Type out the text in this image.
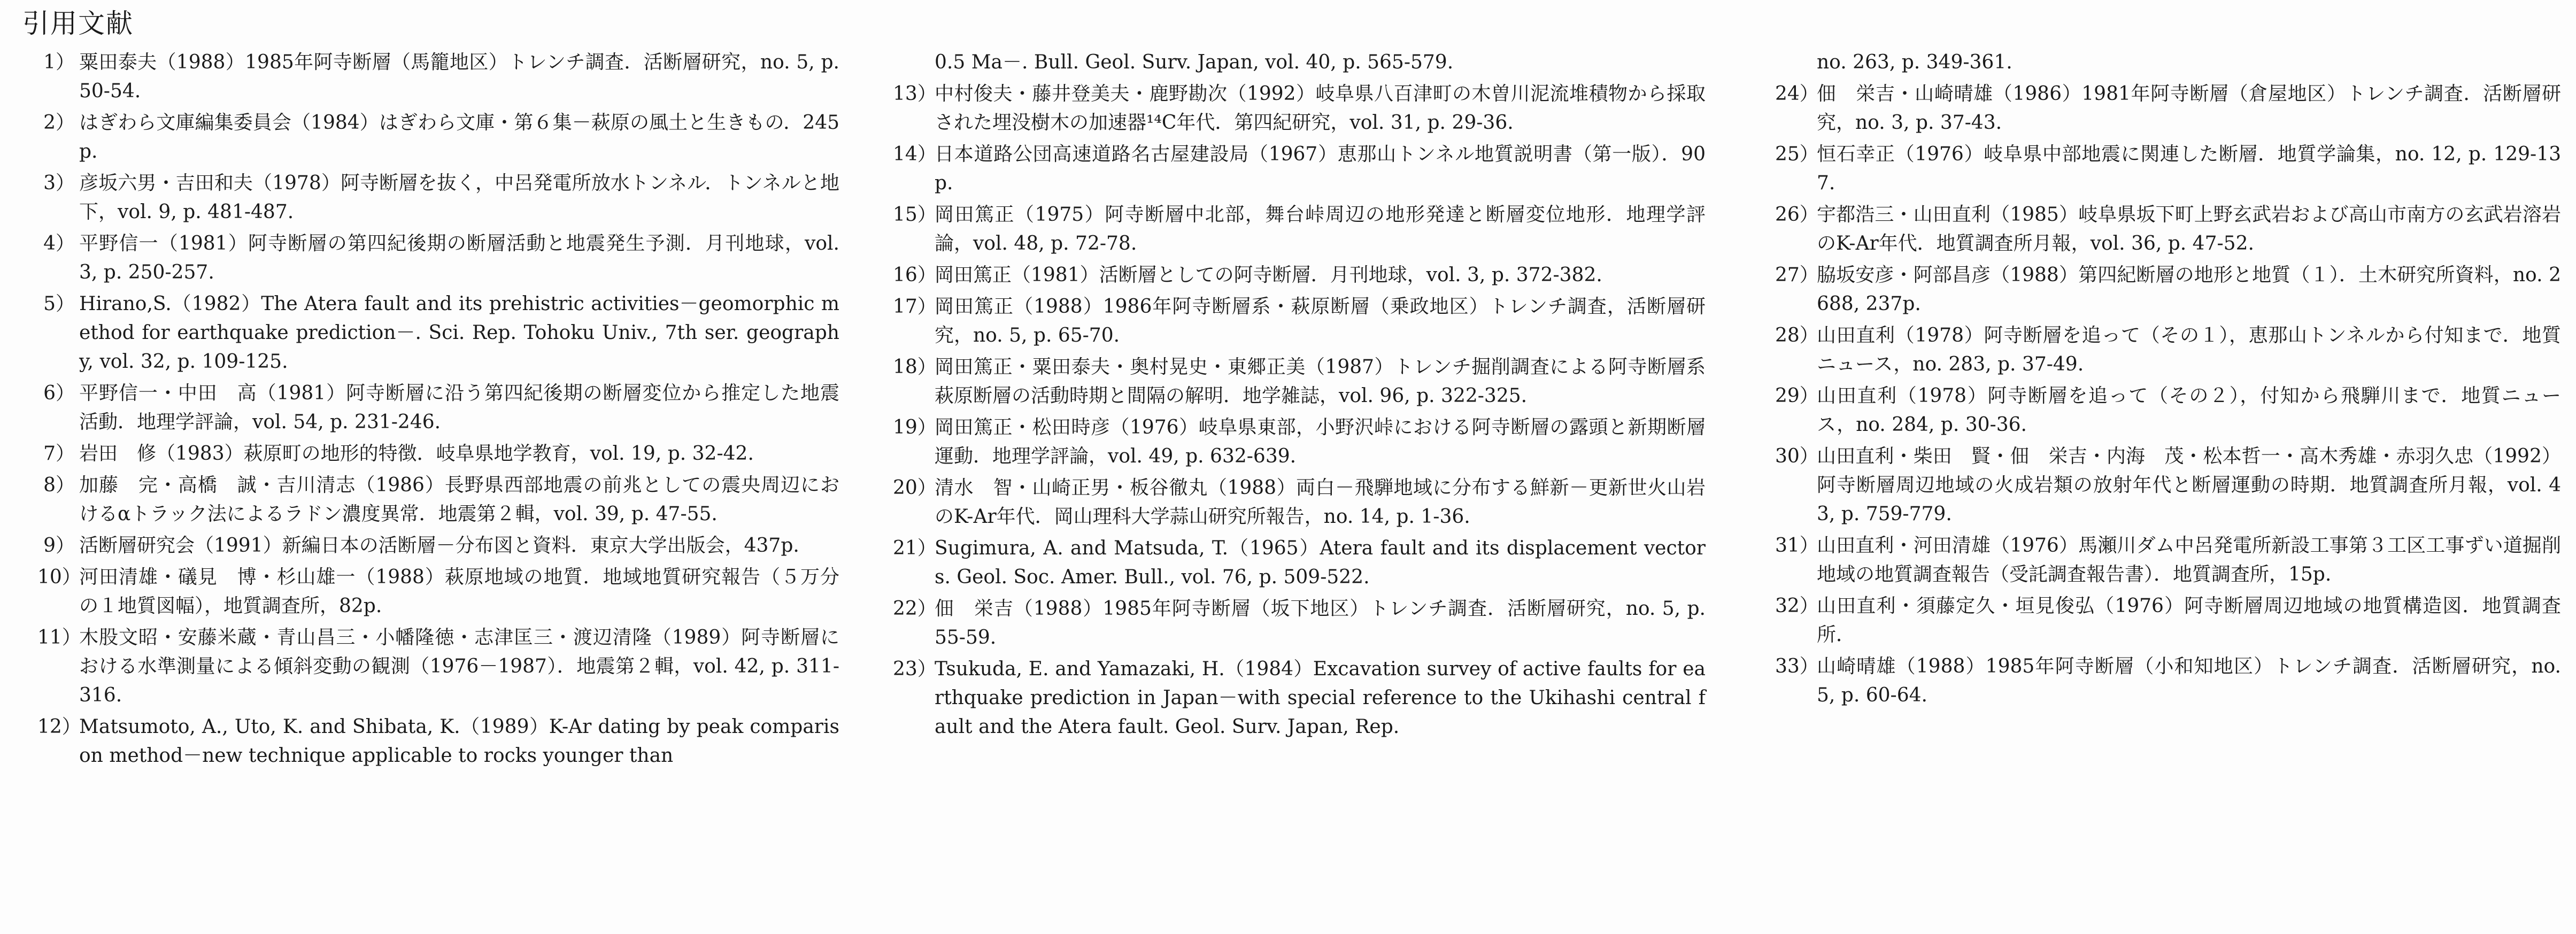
引用文献
1） 粟田泰夫（1988）1985年阿寺断層（馬籠地区）トレンチ調査．活断層研究，no. 5, p. 50-54.
2） はぎわら文庫編集委員会（1984）はぎわら文庫・第６集－萩原の風土と生きもの．245p.
3） 彦坂六男・吉田和夫（1978）阿寺断層を抜く，中呂発電所放水トンネル．トンネルと地下，vol. 9, p. 481-487.
4） 平野信一（1981）阿寺断層の第四紀後期の断層活動と地震発生予測．月刊地球，vol. 3, p. 250-257.
5） Hirano,S.（1982）The Atera fault and its prehistric activities－geomorphic method for earthquake prediction－. Sci. Rep. Tohoku Univ., 7th ser. geography, vol. 32, p. 109-125.
6） 平野信一・中田　高（1981）阿寺断層に沿う第四紀後期の断層変位から推定した地震活動．地理学評論，vol. 54, p. 231-246.
7） 岩田　修（1983）萩原町の地形的特徴．岐阜県地学教育，vol. 19, p. 32-42.
8） 加藤　完・高橋　誠・吉川清志（1986）長野県西部地震の前兆としての震央周辺におけるαトラック法によるラドン濃度異常．地震第２輯，vol. 39, p. 47-55.
9） 活断層研究会（1991）新編日本の活断層－分布図と資料．東京大学出版会，437p.
10）
河田清雄・礒見　博・杉山雄一（1988）萩原地域の地質．地域地質研究報告（５万分の１地質図幅），地質調査所，82p.
11）
木股文昭・安藤米蔵・青山昌三・小幡隆徳・志津匡三・渡辺清隆（1989）阿寺断層における水準測量による傾斜変動の観測（1976－1987）．地震第２輯，vol. 42, p. 311-316.
12）
Matsumoto, A., Uto, K. and Shibata, K.（1989）K-Ar dating by peak comparison method－new technique applicable to rocks younger than
0.5 Ma－. Bull. Geol. Surv. Japan, vol. 40, p. 565-579.
13）
中村俊夫・藤井登美夫・鹿野勘次（1992）岐阜県八百津町の木曽川泥流堆積物から採取された埋没樹木の加速器¹⁴C年代．第四紀研究，vol. 31, p. 29-36.
14）
日本道路公団高速道路名古屋建設局（1967）恵那山トンネル地質説明書（第一版）．90p.
15）
岡田篤正（1975）阿寺断層中北部，舞台峠周辺の地形発達と断層変位地形．地理学評論，vol. 48, p. 72-78.
16）
岡田篤正（1981）活断層としての阿寺断層．月刊地球，vol. 3, p. 372-382.
17）
岡田篤正（1988）1986年阿寺断層系・萩原断層（乗政地区）トレンチ調査，活断層研究，no. 5, p. 65-70.
18）
岡田篤正・粟田泰夫・奥村晃史・東郷正美（1987）トレンチ掘削調査による阿寺断層系萩原断層の活動時期と間隔の解明．地学雑誌，vol. 96, p. 322-325.
19）
岡田篤正・松田時彦（1976）岐阜県東部，小野沢峠における阿寺断層の露頭と新期断層運動．地理学評論，vol. 49, p. 632-639.
20）
清水　智・山崎正男・板谷徹丸（1988）両白－飛騨地域に分布する鮮新－更新世火山岩のK-Ar年代．岡山理科大学蒜山研究所報告，no. 14, p. 1-36.
21）
Sugimura, A. and Matsuda, T.（1965）Atera fault and its displacement vectors. Geol. Soc. Amer. Bull., vol. 76, p. 509-522.
22）
佃　栄吉（1988）1985年阿寺断層（坂下地区）トレンチ調査．活断層研究，no. 5, p. 55-59.
23）
Tsukuda, E. and Yamazaki, H.（1984）Excavation survey of active faults for earthquake prediction in Japan－with special reference to the Ukihashi central fault and the Atera fault. Geol. Surv. Japan, Rep.
no. 263, p. 349-361.
24）
佃　栄吉・山崎晴雄（1986）1981年阿寺断層（倉屋地区）トレンチ調査．活断層研究，no. 3, p. 37-43.
25）
恒石幸正（1976）岐阜県中部地震に関連した断層．地質学論集，no. 12, p. 129-137.
26）
宇都浩三・山田直利（1985）岐阜県坂下町上野玄武岩および高山市南方の玄武岩溶岩のK-Ar年代．地質調査所月報，vol. 36, p. 47-52.
27）
脇坂安彦・阿部昌彦（1988）第四紀断層の地形と地質（１）．土木研究所資料，no. 2688, 237p.
28）
山田直利（1978）阿寺断層を追って（その１），恵那山トンネルから付知まで．地質ニュース，no. 283, p. 37-49.
29）
山田直利（1978）阿寺断層を追って（その２），付知から飛騨川まで．地質ニュース，no. 284, p. 30-36.
30）
山田直利・柴田　賢・佃　栄吉・内海　茂・松本哲一・高木秀雄・赤羽久忠（1992）阿寺断層周辺地域の火成岩類の放射年代と断層運動の時期．地質調査所月報，vol. 43, p. 759-779.
31）
山田直利・河田清雄（1976）馬瀬川ダム中呂発電所新設工事第３工区工事ずい道掘削地域の地質調査報告（受託調査報告書）．地質調査所，15p.
32）
山田直利・須藤定久・垣見俊弘（1976）阿寺断層周辺地域の地質構造図．地質調査所．
33）
山崎晴雄（1988）1985年阿寺断層（小和知地区）トレンチ調査．活断層研究，no. 5, p. 60-64.
